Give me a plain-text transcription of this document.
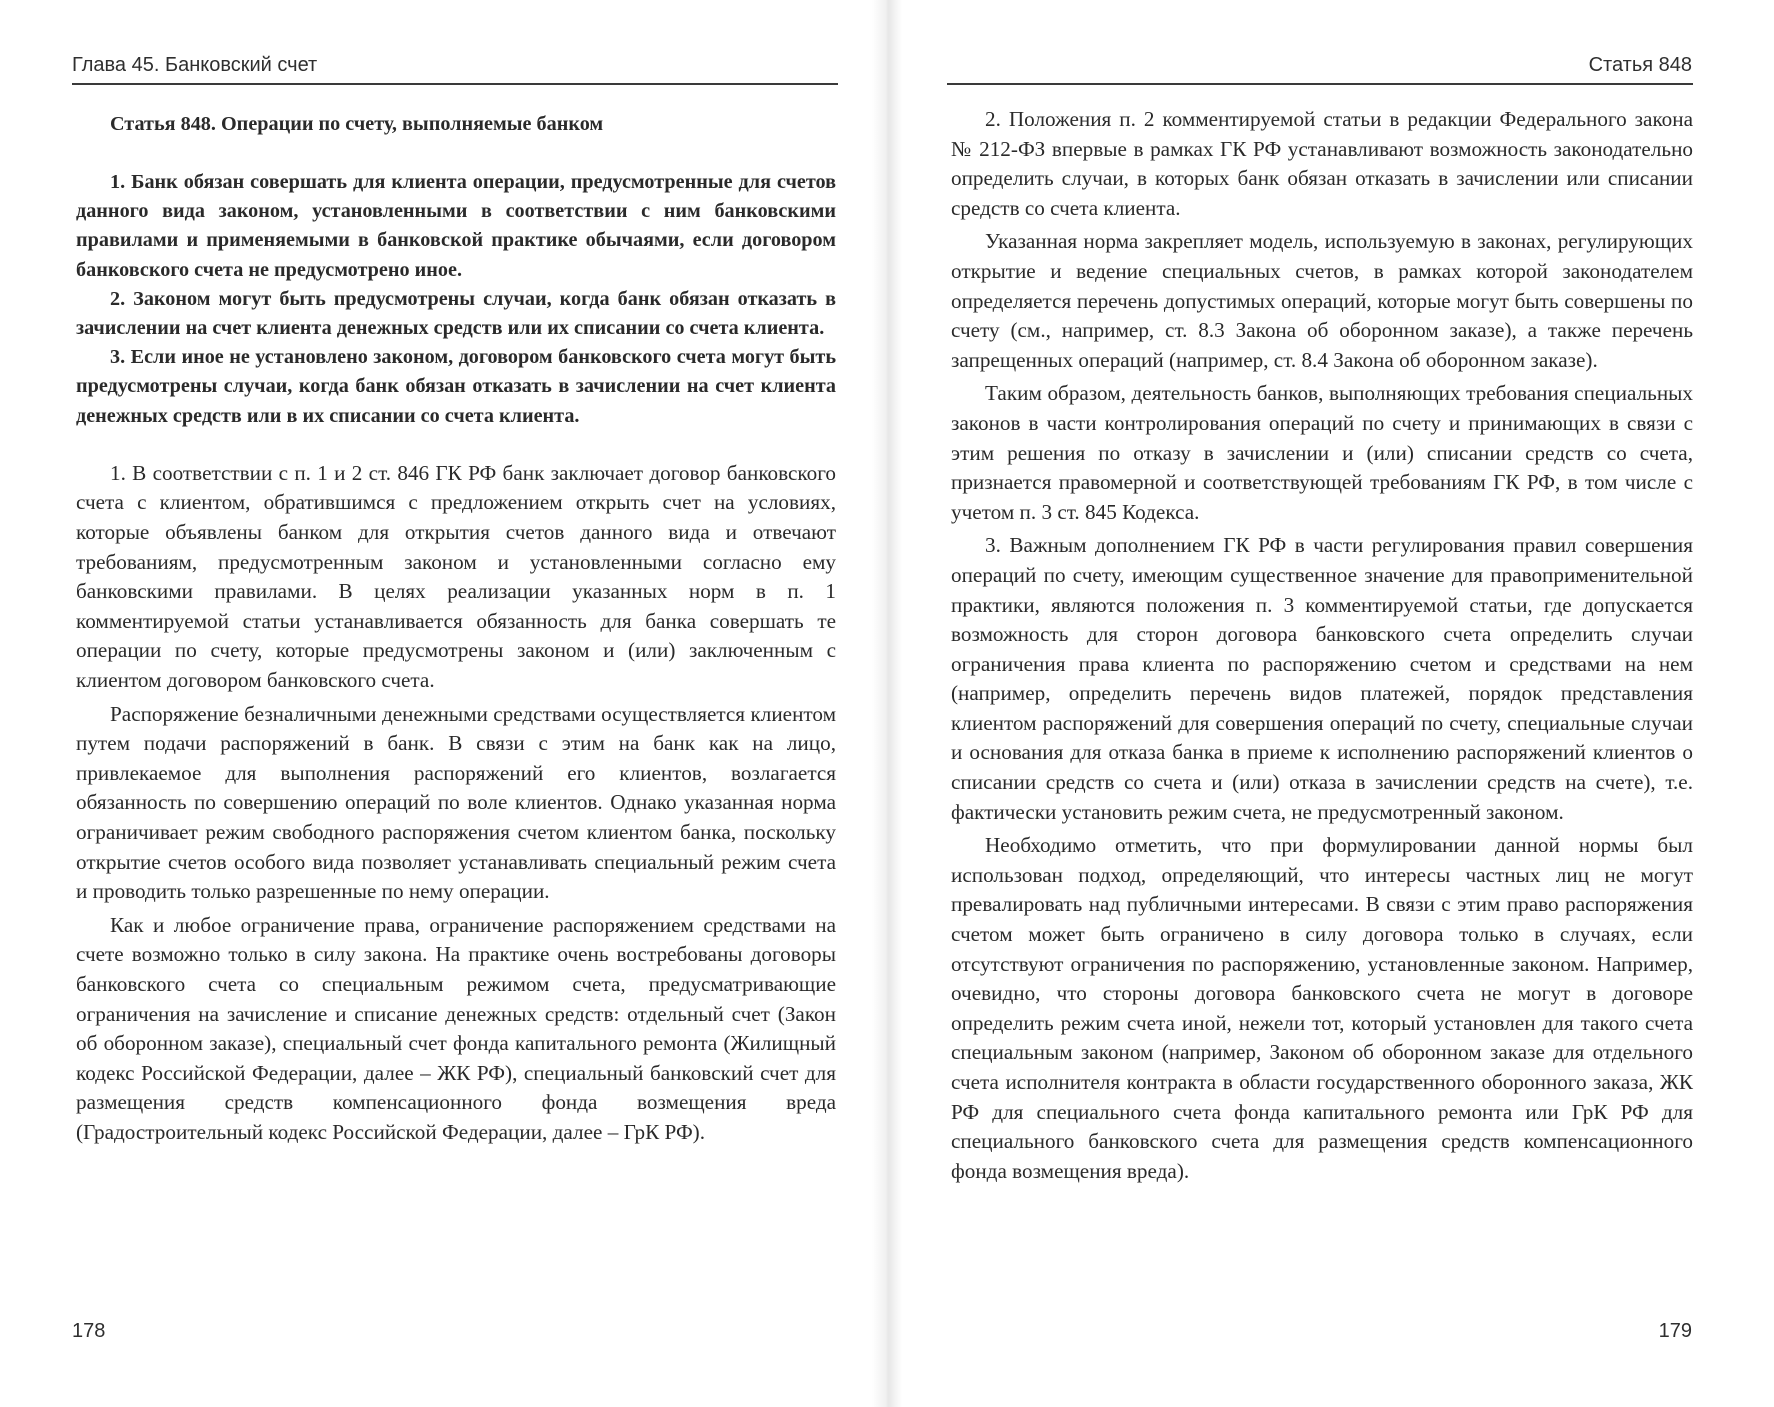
Глава 45. Банковский счет

Статья 848. Операции по счету, выполняемые банком

1. Банк обязан совершать для клиента операции, предусмотренные для счетов данного вида законом, установленными в соответствии с ним банковскими правилами и применяемыми в банковской практике обычаями, если договором банковского счета не предусмотрено иное.

2. Законом могут быть предусмотрены случаи, когда банк обязан отказать в зачислении на счет клиента денежных средств или их списании со счета клиента.

3. Если иное не установлено законом, договором банковского счета могут быть предусмотрены случаи, когда банк обязан отказать в зачислении на счет клиента денежных средств или в их списании со счета клиента.

1. В соответствии с п. 1 и 2 ст. 846 ГК РФ банк заключает договор банковского счета с клиентом, обратившимся с предложением открыть счет на условиях, которые объявлены банком для открытия счетов данного вида и отвечают требованиям, предусмотренным законом и установленными согласно ему банковскими правилами. В целях реализации указанных норм в п. 1 комментируемой статьи устанавливается обязанность для банка совершать те операции по счету, которые предусмотрены законом и (или) заключенным с клиентом договором банковского счета.

Распоряжение безналичными денежными средствами осуществляется клиентом путем подачи распоряжений в банк. В связи с этим на банк как на лицо, привлекаемое для выполнения распоряжений его клиентов, возлагается обязанность по совершению операций по воле клиентов. Однако указанная норма ограничивает режим свободного распоряжения счетом клиентом банка, поскольку открытие счетов особого вида позволяет устанавливать специальный режим счета и проводить только разрешенные по нему операции.

Как и любое ограничение права, ограничение распоряжением средствами на счете возможно только в силу закона. На практике очень востребованы договоры банковского счета со специальным режимом счета, предусматривающие ограничения на зачисление и списание денежных средств: отдельный счет (Закон об оборонном заказе), специальный счет фонда капитального ремонта (Жилищный кодекс Российской Федерации, далее – ЖК РФ), специальный банковский счет для размещения средств компенсационного фонда возмещения вреда (Градостроительный кодекс Российской Федерации, далее – ГрК РФ).

178

Статья 848

2. Положения п. 2 комментируемой статьи в редакции Федерального закона № 212-ФЗ впервые в рамках ГК РФ устанавливают возможность законодательно определить случаи, в которых банк обязан отказать в зачислении или списании средств со счета клиента.

Указанная норма закрепляет модель, используемую в законах, регулирующих открытие и ведение специальных счетов, в рамках которой законодателем определяется перечень допустимых операций, которые могут быть совершены по счету (см., например, ст. 8.3 Закона об оборонном заказе), а также перечень запрещенных операций (например, ст. 8.4 Закона об оборонном заказе).

Таким образом, деятельность банков, выполняющих требования специальных законов в части контролирования операций по счету и принимающих в связи с этим решения по отказу в зачислении и (или) списании средств со счета, признается правомерной и соответствующей требованиям ГК РФ, в том числе с учетом п. 3 ст. 845 Кодекса.

3. Важным дополнением ГК РФ в части регулирования правил совершения операций по счету, имеющим существенное значение для правоприменительной практики, являются положения п. 3 комментируемой статьи, где допускается возможность для сторон договора банковского счета определить случаи ограничения права клиента по распоряжению счетом и средствами на нем (например, определить перечень видов платежей, порядок представления клиентом распоряжений для совершения операций по счету, специальные случаи и основания для отказа банка в приеме к исполнению распоряжений клиентов о списании средств со счета и (или) отказа в зачислении средств на счете), т.е. фактически установить режим счета, не предусмотренный законом.

Необходимо отметить, что при формулировании данной нормы был использован подход, определяющий, что интересы частных лиц не могут превалировать над публичными интересами. В связи с этим право распоряжения счетом может быть ограничено в силу договора только в случаях, если отсутствуют ограничения по распоряжению, установленные законом. Например, очевидно, что стороны договора банковского счета не могут в договоре определить режим счета иной, нежели тот, который установлен для такого счета специальным законом (например, Законом об оборонном заказе для отдельного счета исполнителя контракта в области государственного оборонного заказа, ЖК РФ для специального счета фонда капитального ремонта или ГрК РФ для специального банковского счета для размещения средств компенсационного фонда возмещения вреда).

179
